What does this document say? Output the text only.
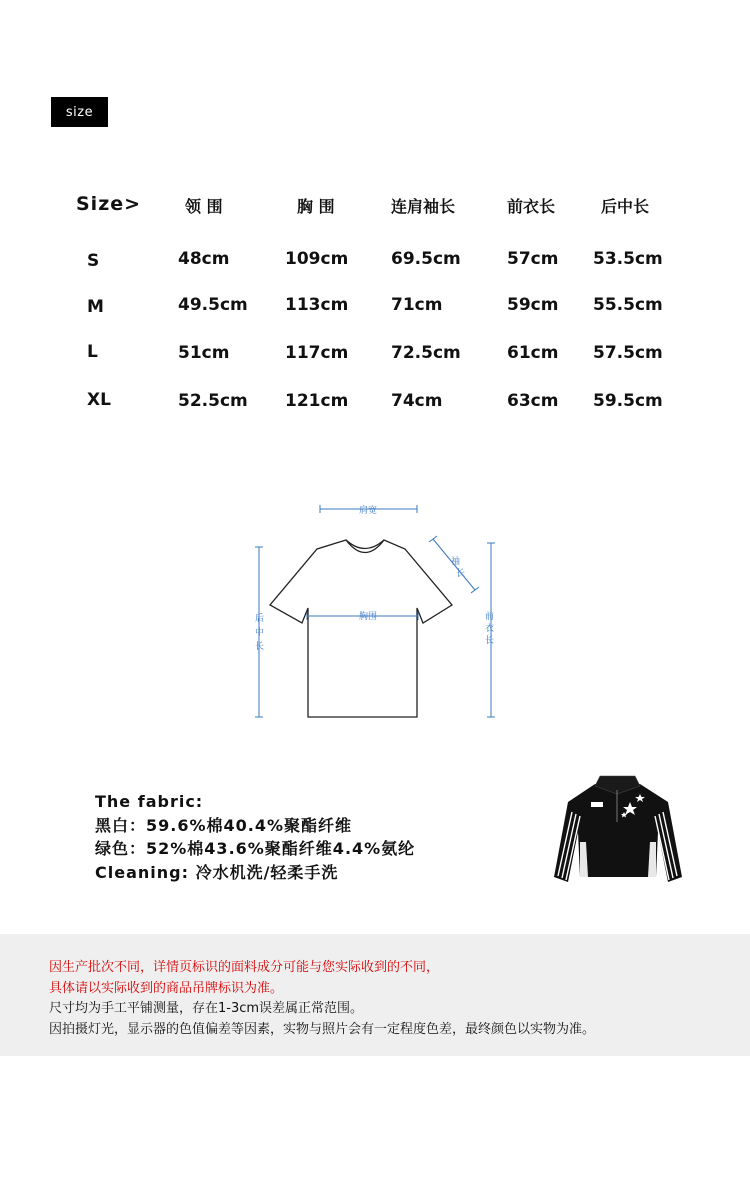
size
Size>	领 围	胸 围	连肩袖长	前衣长	后中长
S	48cm	109cm	69.5cm	57cm 53.5cm
M	49.5cm 113cm	71cm	59cm 55.5cm
L	51cm	117cm	72.5cm	61cm 57.5cm
XL	52.5cm 121cm	74cm	63cm 59.5cm
肩宽
胸围
袖
长
后
中
长
前
衣
长
The fabric:
黑白：59.6%棉40.4%聚酯纤维
绿色：52%棉43.6%聚酯纤维4.4%氨纶
Cleaning: 冷水机洗/轻柔手洗
因生产批次不同，详情页标识的面料成分可能与您实际收到的不同，
具体请以实际收到的商品吊牌标识为准。
尺寸均为手工平铺测量，存在1-3cm误差属正常范围。
因拍摄灯光，显示器的色值偏差等因素，实物与照片会有一定程度色差，最终颜色以实物为准。
